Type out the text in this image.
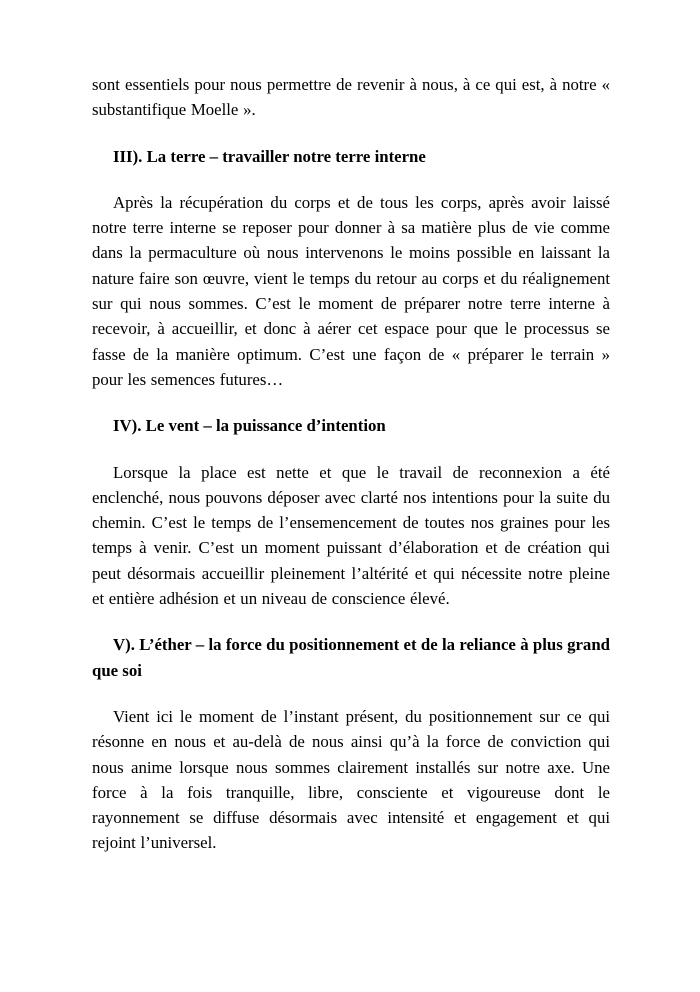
sont essentiels pour nous permettre de revenir à nous, à ce qui est, à notre « substantifique Moelle ».

III). La terre – travailler notre terre interne

Après la récupération du corps et de tous les corps, après avoir laissé notre terre interne se reposer pour donner à sa matière plus de vie comme dans la permaculture où nous intervenons le moins possible en laissant la nature faire son œuvre, vient le temps du retour au corps et du réalignement sur qui nous sommes. C’est le moment de préparer notre terre interne à recevoir, à accueillir, et donc à aérer cet espace pour que le processus se fasse de la manière optimum. C’est une façon de « préparer le terrain » pour les semences futures…

IV). Le vent – la puissance d’intention

Lorsque la place est nette et que le travail de reconnexion a été enclenché, nous pouvons déposer avec clarté nos intentions pour la suite du chemin. C’est le temps de l’ensemencement de toutes nos graines pour les temps à venir. C’est un moment puissant d’élaboration et de création qui peut désormais accueillir pleinement l’altérité et qui nécessite notre pleine et entière adhésion et un niveau de conscience élevé.

V). L’éther – la force du positionnement et de la reliance à plus grand que soi

Vient ici le moment de l’instant présent, du positionnement sur ce qui résonne en nous et au-delà de nous ainsi qu’à la force de conviction qui nous anime lorsque nous sommes clairement installés sur notre axe. Une force à la fois tranquille, libre, consciente et vigoureuse dont le rayonnement se diffuse désormais avec intensité et engagement et qui rejoint l’universel.
